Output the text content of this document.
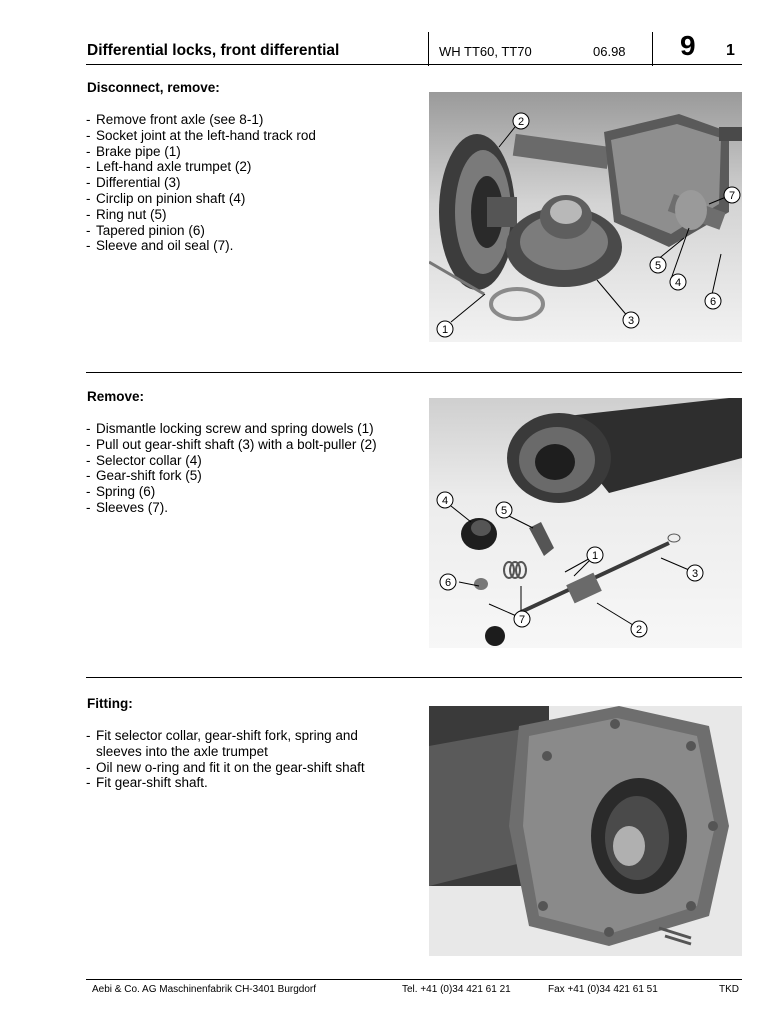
Differential locks, front differential	WH TT60, TT70	06.98 9 1
Disconnect, remove:
- Remove front axle (see 8-1)
- Socket joint at the left-hand track rod
- Brake pipe (1)
- Left-hand axle trumpet (2)
- Differential (3)
- Circlip on pinion shaft (4)
- Ring nut (5)
- Tapered pinion (6)
- Sleeve and oil seal (7).
2
1
3
4
5
6
7
Remove:
- Dismantle locking screw and spring dowels (1)
- Pull out gear-shift shaft (3) with a bolt-puller (2)
- Selector collar (4)
- Gear-shift fork (5)
- Spring (6)
- Sleeves (7).	4
5
1
6
7
2
3
Fitting:
- Fit selector collar, gear-shift fork, spring and sleeves into the axle trumpet
- Oil new o-ring and fit it on the gear-shift shaft
- Fit gear-shift shaft.
Aebi & Co. AG Maschinenfabrik CH-3401 Burgdorf	Tel. +41 (0)34 421 61 21	Fax +41 (0)34 421 61 51	TKD
